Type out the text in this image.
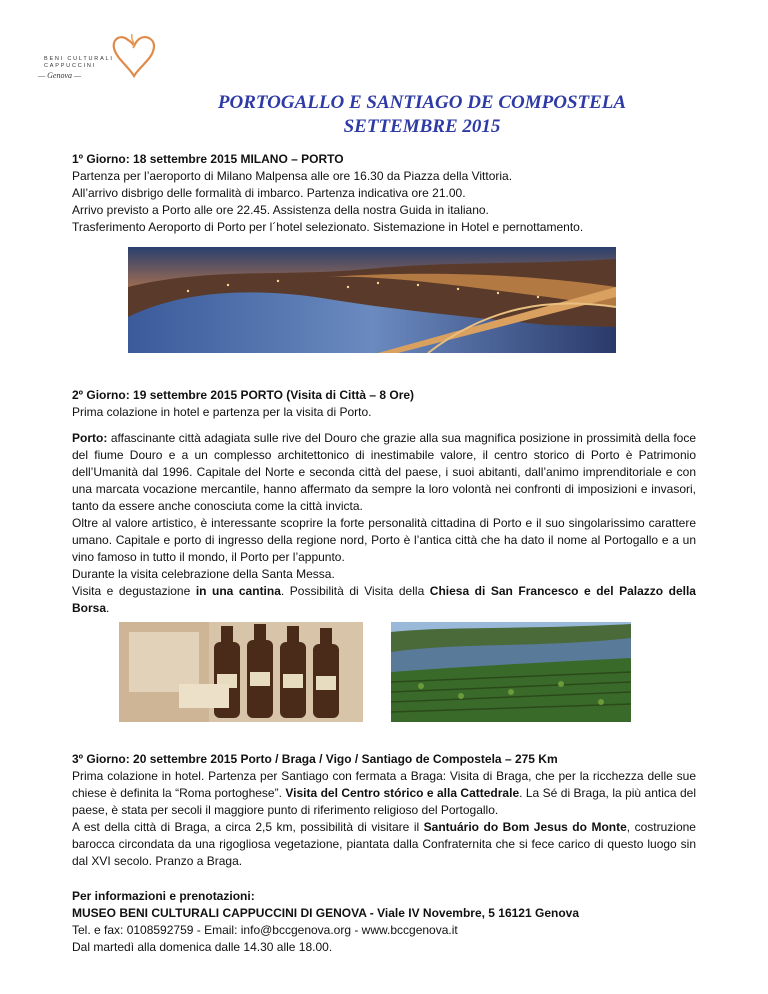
BENI CULTURALI
CAPPUCCINI
— Genova —
PORTOGALLO E SANTIAGO DE COMPOSTELA
SETTEMBRE 2015

1º Giorno: 18 settembre 2015 MILANO – PORTO

Partenza per l’aeroporto di Milano Malpensa alle ore 16.30 da Piazza della Vittoria.

All’arrivo disbrigo delle formalità di imbarco. Partenza indicativa ore 21.00.

Arrivo previsto a Porto alle ore 22.45. Assistenza della nostra Guida in italiano.

Trasferimento Aeroporto di Porto per l´hotel selezionato. Sistemazione in Hotel e pernottamento.

2º Giorno: 19 settembre 2015 PORTO (Visita di Città – 8 Ore)

Prima colazione in hotel e partenza per la visita di Porto.

Porto: affascinante città adagiata sulle rive del Douro che grazie alla sua magnifica posizione in prossimità della foce del fiume Douro e a un complesso architettonico di inestimabile valore, il centro storico di Porto è Patrimonio dell’Umanità dal 1996. Capitale del Norte e seconda città del paese, i suoi abitanti, dall’animo imprenditoriale e con una marcata vocazione mercantile, hanno affermato da sempre la loro volontà nei confronti di imposizioni e invasori, tanto da essere anche conosciuta come la città invicta.

Oltre al valore artistico, è interessante scoprire la forte personalità cittadina di Porto e il suo singolarissimo carattere umano. Capitale e porto di ingresso della regione nord, Porto è l’antica città che ha dato il nome al Portogallo e a un vino famoso in tutto il mondo, il Porto per l’appunto.

Durante la visita celebrazione della Santa Messa.

Visita e degustazione in una cantina. Possibilità di Visita della Chiesa di San Francesco e del Palazzo della Borsa.

3º Giorno: 20 settembre 2015 Porto / Braga / Vigo / Santiago de Compostela – 275 Km

Prima colazione in hotel. Partenza per Santiago con fermata a Braga: Visita di Braga, che per la ricchezza delle sue chiese è definita la “Roma portoghese”. Visita del Centro stórico e alla Cattedrale. La Sé di Braga, la più antica del paese, è stata per secoli il maggiore punto di riferimento religioso del Portogallo.

A est della città di Braga, a circa 2,5 km, possibilità di visitare il Santuário do Bom Jesus do Monte, costruzione barocca circondata da una rigogliosa vegetazione, piantata dalla Confraternita che si fece carico di questo luogo sin dal XVI secolo. Pranzo a Braga.

Per informazioni e prenotazioni:

MUSEO BENI CULTURALI CAPPUCCINI DI GENOVA - Viale IV Novembre, 5 16121 Genova

Tel. e fax: 0108592759 - Email: info@bccgenova.org - www.bccgenova.it

Dal martedì alla domenica dalle 14.30 alle 18.00.
